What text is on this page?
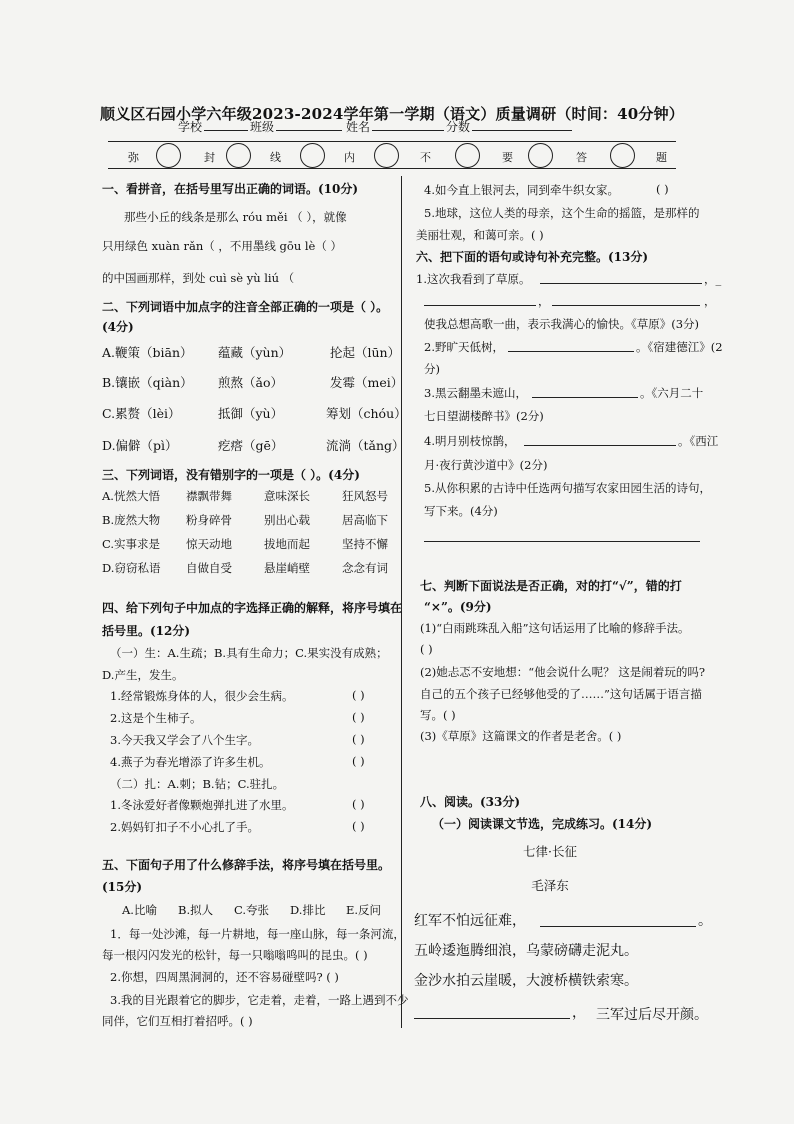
顺义区石园小学六年级2023-2024学年第一学期（语文）质量调研（时间：40分钟）
学校	班级	姓名	分数
弥	封	线	内	不	要	答	题
一、看拼音，在括号里写出正确的词语。(10分)
那些小丘的线条是那么 róu měi （ ），就像
只用绿色 xuàn rǎn（ ，不用墨线 gōu lè（ ）
的中国画那样，到处 cuì sè yù liú （
二、下列词语中加点字的注音全部正确的一项是（ ）。
(4分)
A.鞭策（biān） 蕴藏（yùn）	抡起（lūn）
B.镶嵌（qiàn） 煎熬（ǎo）	发霉（mei）
C.累赘（lèi）	抵御（yù）	筹划（chóu）
D.偏僻（pì）	疙瘩（gē）	流淌（tǎng）
三、下列词语，没有错别字的一项是（ ）。(4分)
A.恍然大悟 襟飘带舞	意味深长	狂风怒号
B.庞然大物 粉身碎骨	别出心载	居高临下
C.实事求是 惊天动地	拔地而起	坚持不懈
D.窃窃私语 自做自受	悬崖峭壁	念念有词
四、给下列句子中加点的字选择正确的解释，将序号填在
括号里。(12分)
（一）生：A.生疏；B.具有生命力；C.果实没有成熟；
D.产生，发生。
1.经常锻炼身体的人，很少会生病。	( )
2.这是个生柿子。	( )
3.今天我又学会了八个生字。	( )
4.燕子为春光增添了许多生机。	( )
（二）扎：A.刺；B.钻；C.驻扎。
1.冬泳爱好者像颗炮弹扎进了水里。	( )
2.妈妈钉扣子不小心扎了手。	( )
五、下面句子用了什么修辞手法，将序号填在括号里。
(15分)
A.比喻 B.拟人 C.夸张 D.排比 E.反问
1．每一处沙滩，每一片耕地，每一座山脉，每一条河流，
每一根闪闪发光的松针，每一只嗡嗡鸣叫的昆虫。( )
2.你想，四周黑洞洞的，还不容易碰壁吗? ( )
3.我的目光跟着它的脚步，它走着，走着，一路上遇到不少
同伴，它们互相打着招呼。( )
4.如今直上银河去，同到牵牛织女家。	( )
5.地球，这位人类的母亲，这个生命的摇篮，是那样的
美丽壮观，和蔼可亲。( )
六、把下面的语句或诗句补充完整。(13分)
1.这次我看到了草原。	，_
，	，
使我总想高歌一曲，表示我满心的愉快。《草原》(3分)
2.野旷天低树，	。《宿建德江》(2
分)
3.黑云翻墨未遮山，	。《六月二十
七日望湖楼醉书》(2分)
4.明月别枝惊鹊，	。《西江
月·夜行黄沙道中》(2分)
5.从你积累的古诗中任选两句描写农家田园生活的诗句，
写下来。(4分)
七、判断下面说法是否正确，对的打“√”，错的打
“×”。(9分)
(1)“白雨跳珠乱入船”这句话运用了比喻的修辞手法。
( )
(2)她忐忑不安地想：“他会说什么呢？ 这是闹着玩的吗?
自己的五个孩子已经够他受的了……”这句话属于语言描
写。( )
(3)《草原》这篇课文的作者是老舍。( )
八、阅读。(33分)
（一）阅读课文节选，完成练习。(14分)
七律·长征
毛泽东
红军不怕远征难，	。
五岭逶迤腾细浪，乌蒙磅礴走泥丸。
金沙水拍云崖暖，大渡桥横铁索寒。
， 三军过后尽开颜。
